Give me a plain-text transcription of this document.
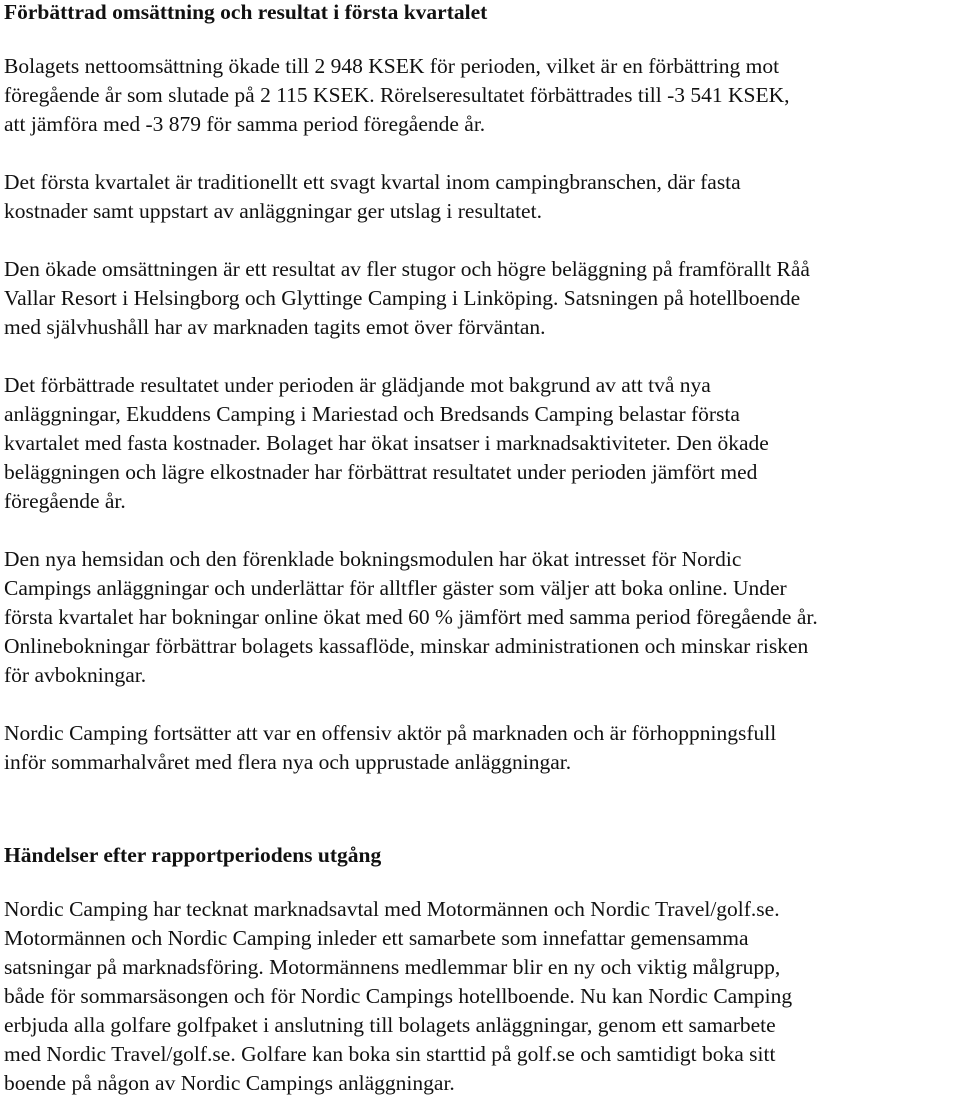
Förbättrad omsättning och resultat i första kvartalet

Bolagets nettoomsättning ökade till 2 948 KSEK för perioden, vilket är en förbättring mot
föregående år som slutade på 2 115 KSEK. Rörelseresultatet förbättrades till -3 541 KSEK,
att jämföra med -3 879 för samma period föregående år.

Det första kvartalet är traditionellt ett svagt kvartal inom campingbranschen, där fasta
kostnader samt uppstart av anläggningar ger utslag i resultatet.

Den ökade omsättningen är ett resultat av fler stugor och högre beläggning på framförallt Råå
Vallar Resort i Helsingborg och Glyttinge Camping i Linköping. Satsningen på hotellboende
med självhushåll har av marknaden tagits emot över förväntan.

Det förbättrade resultatet under perioden är glädjande mot bakgrund av att två nya
anläggningar, Ekuddens Camping i Mariestad och Bredsands Camping belastar första
kvartalet med fasta kostnader. Bolaget har ökat insatser i marknadsaktiviteter. Den ökade
beläggningen och lägre elkostnader har förbättrat resultatet under perioden jämfört med
föregående år.

Den nya hemsidan och den förenklade bokningsmodulen har ökat intresset för Nordic
Campings anläggningar och underlättar för alltfler gäster som väljer att boka online. Under
första kvartalet har bokningar online ökat med 60 % jämfört med samma period föregående år.
Onlinebokningar förbättrar bolagets kassaflöde, minskar administrationen och minskar risken
för avbokningar.

Nordic Camping fortsätter att var en offensiv aktör på marknaden och är förhoppningsfull
inför sommarhalvåret med flera nya och upprustade anläggningar.

Händelser efter rapportperiodens utgång

Nordic Camping har tecknat marknadsavtal med Motormännen och Nordic Travel/golf.se.
Motormännen och Nordic Camping inleder ett samarbete som innefattar gemensamma
satsningar på marknadsföring. Motormännens medlemmar blir en ny och viktig målgrupp,
både för sommarsäsongen och för Nordic Campings hotellboende. Nu kan Nordic Camping
erbjuda alla golfare golfpaket i anslutning till bolagets anläggningar, genom ett samarbete
med Nordic Travel/golf.se. Golfare kan boka sin starttid på golf.se och samtidigt boka sitt
boende på någon av Nordic Campings anläggningar.
